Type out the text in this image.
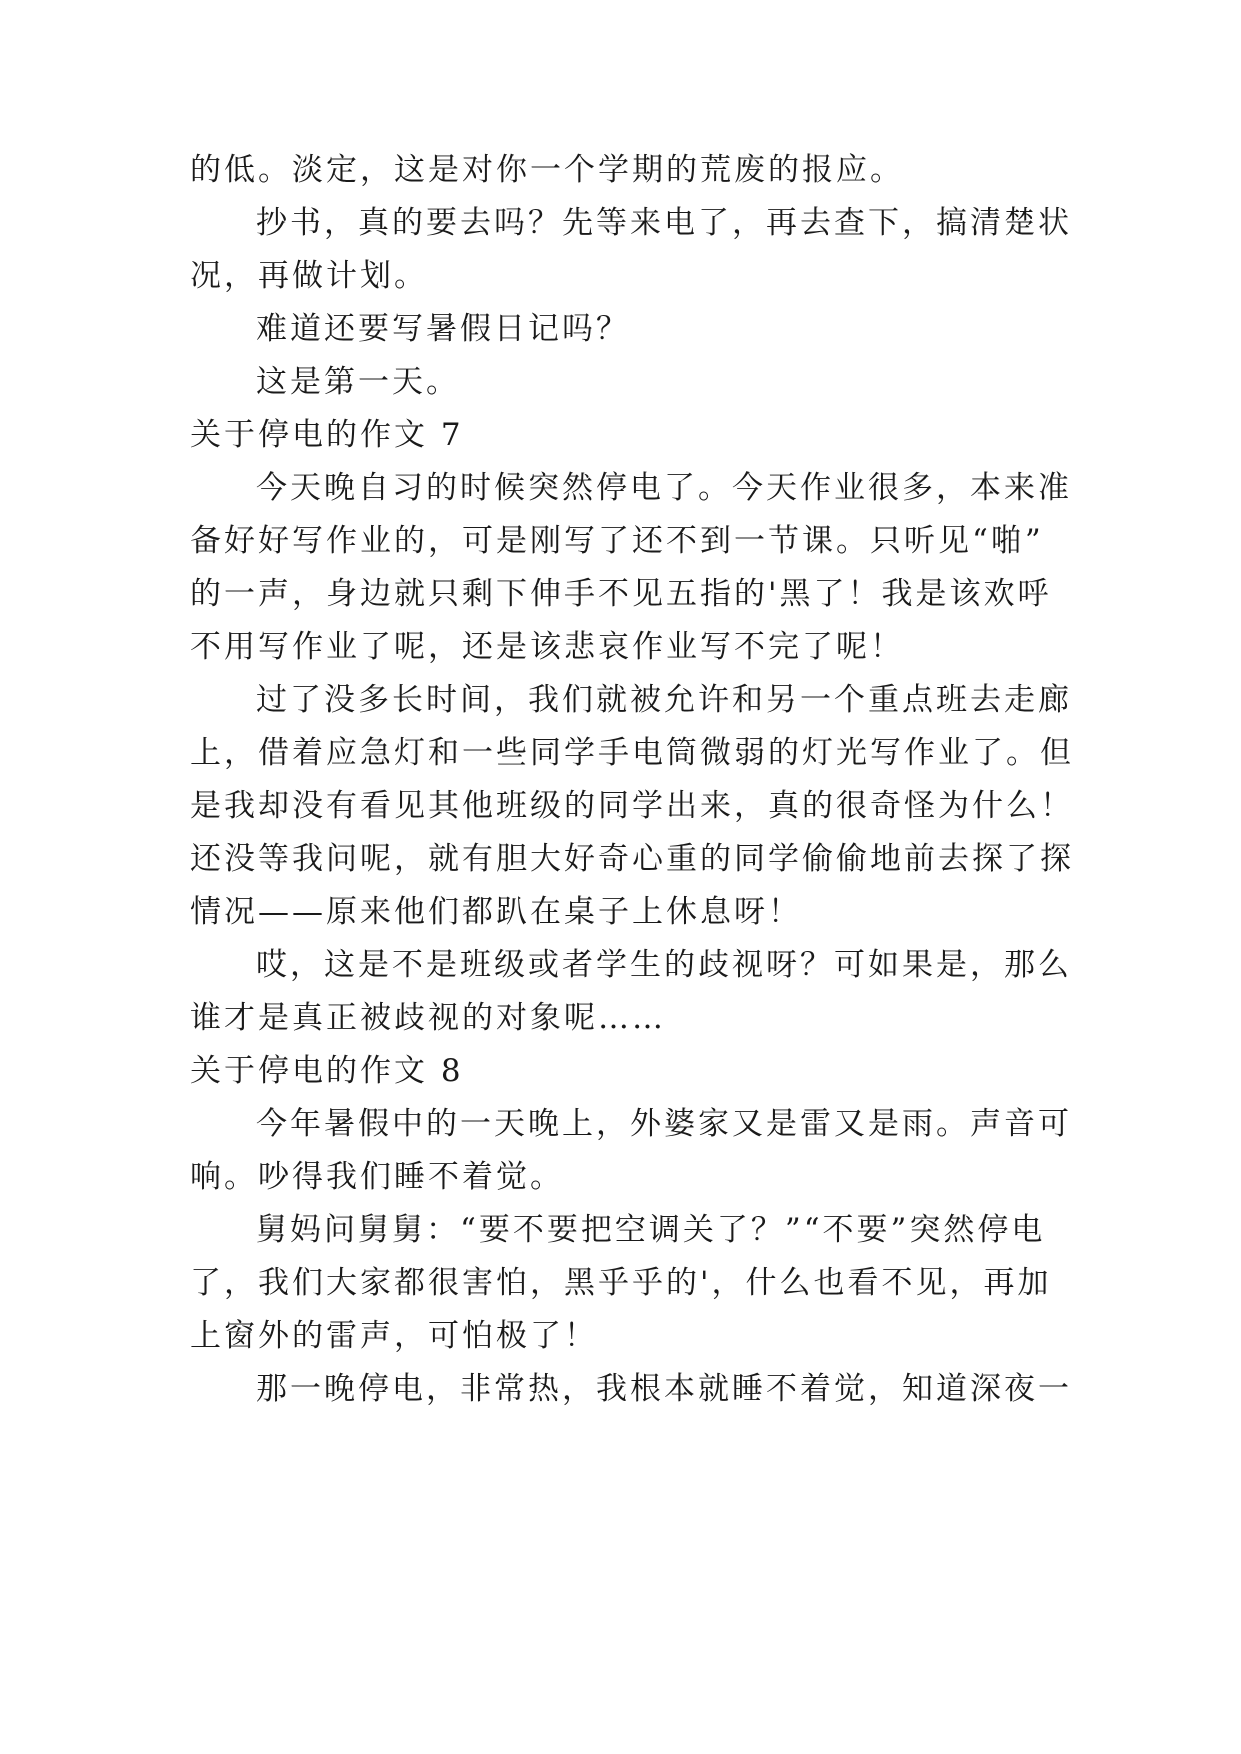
的低。淡定，这是对你一个学期的荒废的报应。
抄书，真的要去吗？先等来电了，再去查下，搞清楚状
况，再做计划。
难道还要写暑假日记吗？
这是第一天。
关于停电的作文 7
今天晚自习的时候突然停电了。今天作业很多，本来准
备好好写作业的，可是刚写了还不到一节课。只听见“啪”
的一声，身边就只剩下伸手不见五指的'黑了！我是该欢呼
不用写作业了呢，还是该悲哀作业写不完了呢！
过了没多长时间，我们就被允许和另一个重点班去走廊
上，借着应急灯和一些同学手电筒微弱的灯光写作业了。但
是我却没有看见其他班级的同学出来，真的很奇怪为什么！
还没等我问呢，就有胆大好奇心重的同学偷偷地前去探了探
情况——原来他们都趴在桌子上休息呀！
哎，这是不是班级或者学生的歧视呀？可如果是，那么
谁才是真正被歧视的对象呢……
关于停电的作文 8
今年暑假中的一天晚上，外婆家又是雷又是雨。声音可
响。吵得我们睡不着觉。
舅妈问舅舅：“要不要把空调关了？”“不要”突然停电
了，我们大家都很害怕，黑乎乎的'，什么也看不见，再加
上窗外的雷声，可怕极了！
那一晚停电，非常热，我根本就睡不着觉，知道深夜一
